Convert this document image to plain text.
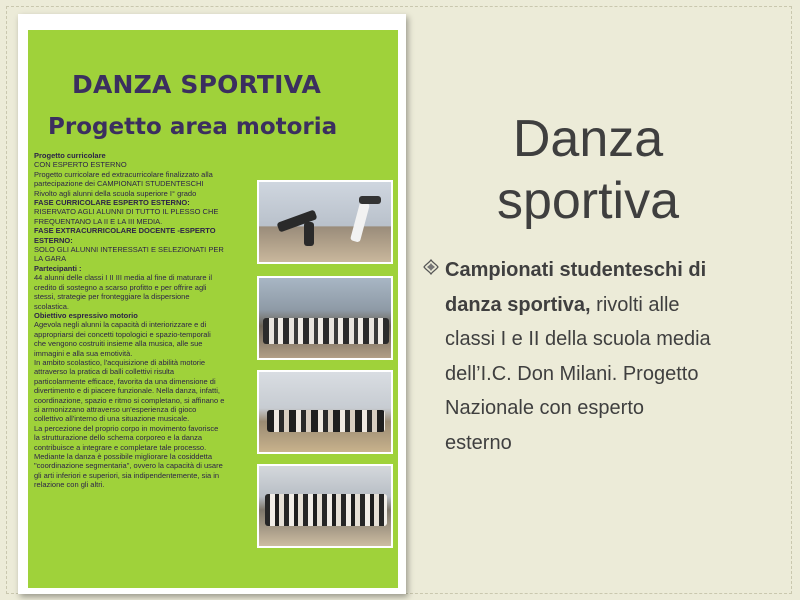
DANZA SPORTIVA
Progetto area motoria
Progetto curricolare
CON ESPERTO ESTERNO
Progetto curricolare ed extracurricolare finalizzato alla
partecipazione dei CAMPIONATI STUDENTESCHI
Rivolto agli alunni della scuola superiore I° grado
FASE CURRICOLARE ESPERTO ESTERNO:
RISERVATO AGLI ALUNNI DI TUTTO IL PLESSO CHE
FREQUENTANO LA II E LA III MEDIA.
FASE EXTRACURRICOLARE DOCENTE -ESPERTO
ESTERNO:
SOLO GLI ALUNNI INTERESSATI E SELEZIONATI PER
LA GARA
Partecipanti :
44 alunni delle classi I II III media al fine di maturare il
credito di sostegno a scarso profitto e per offrire agli
stessi, strategie per fronteggiare la dispersione
scolastica.
Obiettivo espressivo motorio
Agevola negli alunni la capacità di interiorizzare e di
appropriarsi dei concetti topologici e spazio-temporali
che vengono costruiti insieme alla musica, alle sue
immagini e alla sua emotività.
In ambito scolastico, l'acquisizione di abilità motorie
attraverso la pratica di balli collettivi risulta
particolarmente efficace, favorita da una dimensione di
divertimento e di piacere funzionale. Nella danza, infatti,
coordinazione, spazio e ritmo si completano, si affinano e
si armonizzano attraverso un'esperienza di gioco
collettivo all'interno di una situazione musicale.
La percezione del proprio corpo in movimento favorisce
la strutturazione dello schema corporeo e la danza
contribuisce a integrare e completare tale processo.
Mediante la danza è possibile migliorare la cosiddetta
"coordinazione segmentaria", ovvero la capacità di usare
gli arti inferiori e superiori, sia indipendentemente, sia in
relazione con gli altri.
Danza
sportiva
Campionati studenteschi di
danza sportiva, rivolti alle
classi I e II della scuola media
dell’I.C. Don Milani. Progetto
Nazionale con esperto
esterno
